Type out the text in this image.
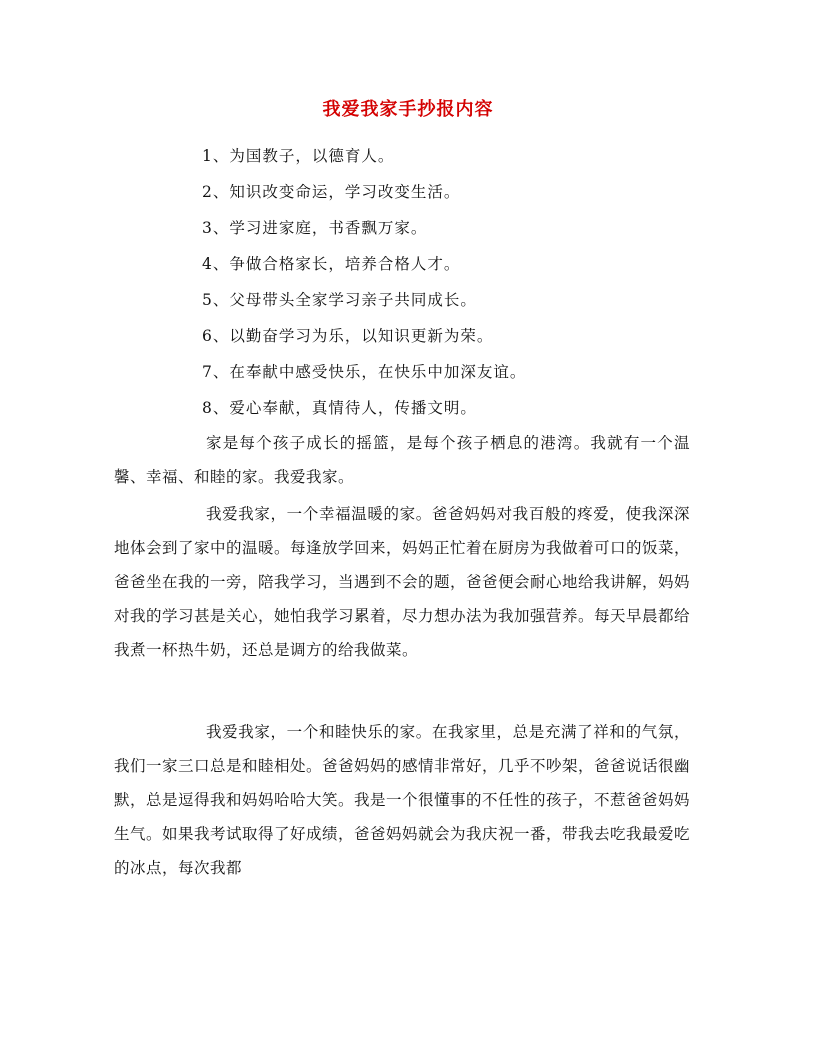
我爱我家手抄报内容
1、为国教子，以德育人。
2、知识改变命运，学习改变生活。
3、学习进家庭，书香飘万家。
4、争做合格家长，培养合格人才。
5、父母带头全家学习亲子共同成长。
6、以勤奋学习为乐，以知识更新为荣。
7、在奉献中感受快乐，在快乐中加深友谊。
8、爱心奉献，真情待人，传播文明。

家是每个孩子成长的摇篮，是每个孩子栖息的港湾。我就有一个温馨、幸福、和睦的家。我爱我家。

我爱我家，一个幸福温暖的家。爸爸妈妈对我百般的疼爱，使我深深地体会到了家中的温暖。每逢放学回来，妈妈正忙着在厨房为我做着可口的饭菜，爸爸坐在我的一旁，陪我学习，当遇到不会的题，爸爸便会耐心地给我讲解，妈妈对我的学习甚是关心，她怕我学习累着，尽力想办法为我加强营养。每天早晨都给我煮一杯热牛奶，还总是调方的给我做菜。

我爱我家，一个和睦快乐的家。在我家里，总是充满了祥和的气氛，我们一家三口总是和睦相处。爸爸妈妈的感情非常好，几乎不吵架，爸爸说话很幽默，总是逗得我和妈妈哈哈大笑。我是一个很懂事的不任性的孩子，不惹爸爸妈妈生气。如果我考试取得了好成绩，爸爸妈妈就会为我庆祝一番，带我去吃我最爱吃的冰点，每次我都
